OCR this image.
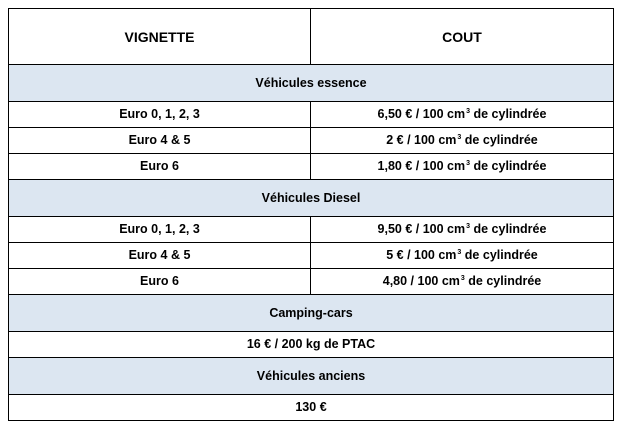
VIGNETTE	COUT
Véhicules essence	
Euro 0, 1, 2, 3	6,50 € / 100 $cm^3$ de cylindrée
Euro 4 & 5	2 € / 100 $cm^3$ de cylindrée
Euro 6	1,80 € / 100 $cm^3$ de cylindrée
Véhicules Diesel	
Euro 0, 1, 2, 3	9,50 € / 100 $cm^3$ de cylindrée
Euro 4 & 5	5 € / 100 $cm^3$ de cylindrée
Euro 6	4,80 / 100 $cm^3$ de cylindrée
Camping-cars	
16 € / 200 kg de PTAC	
Véhicules anciens	
130 €	
